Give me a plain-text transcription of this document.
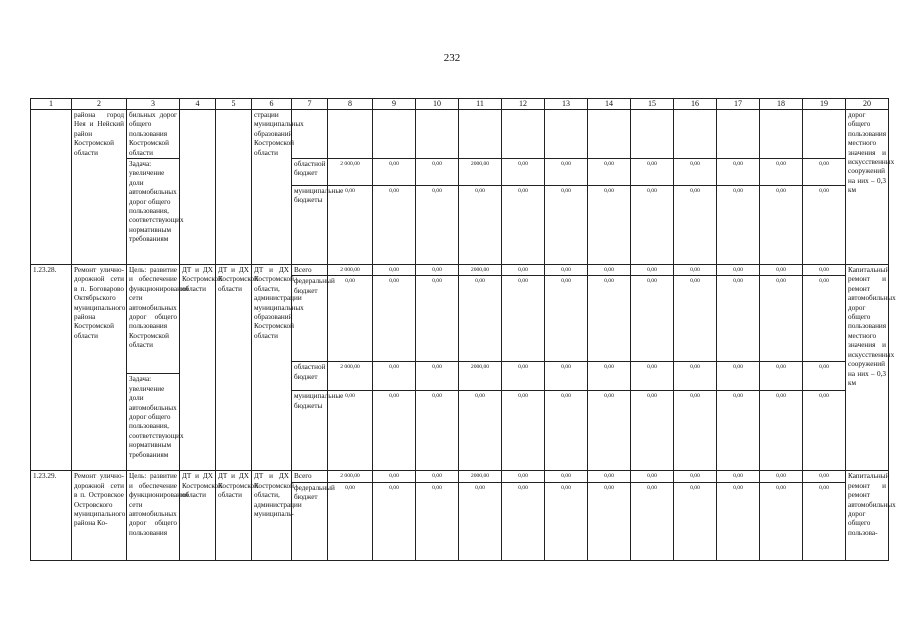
232
1	2	3	4	5	6	7	8	9	10	11	12	13	14	15	16	17	18	19	20
	района город Нея и Нейский район Костромской области	бильных дорог общего пользования Костромской области			страции муниципальных образований Костромской области														дорог общего пользования местного значения и искусственных сооружений на них – 0,3 км
		Задача: увеличение доли автомобильных дорог общего пользования, соответствующих нормативным требованиям				областной бюджет	2 000,00	0,00	0,00	2000,00	0,00	0,00	0,00	0,00	0,00	0,00	0,00	0,00	
						муниципальные бюджеты	0,00	0,00	0,00	0,00	0,00	0,00	0,00	0,00	0,00	0,00	0,00	0,00	
1.23.28.	Ремонт улично-дорожной сети в п. Боговарово Октябрьского муниципального района Костромской области	Цель: развитие и обеспечение функционирования сети автомобильных дорог общего пользования Костромской области	ДТ и ДХ Костромской области	ДТ и ДХ Костромской области	ДТ и ДХ Костромской области, администрации муниципальных образований Костромской области	Всего	2 000,00	0,00	0,00	2000,00	0,00	0,00	0,00	0,00	0,00	0,00	0,00	0,00	Капитальный ремонт и ремонт автомобильных дорог общего пользования местного значения и искусственных сооружений на них – 0,3 км
						федеральный бюджет	0,00	0,00	0,00	0,00	0,00	0,00	0,00	0,00	0,00	0,00	0,00	0,00	
						областной бюджет	2 000,00	0,00	0,00	2000,00	0,00	0,00	0,00	0,00	0,00	0,00	0,00	0,00	
		Задача: увеличение доли автомобильных дорог общего пользования, соответствующих нормативным требованиям																	
						муниципальные бюджеты	0,00	0,00	0,00	0,00	0,00	0,00	0,00	0,00	0,00	0,00	0,00	0,00	
1.23.29.	Ремонт улично-дорожной сети в п. Островское Островского муниципального района Ко-	Цель: развитие и обеспечение функционирования сети автомобильных дорог общего пользования	ДТ и ДХ Костромской области	ДТ и ДХ Костромской области	ДТ и ДХ Костромской области, администрации муниципаль-	Всего	2 000,00	0,00	0,00	2000,00	0,00	0,00	0,00	0,00	0,00	0,00	0,00	0,00	Капитальный ремонт и ремонт автомобильных дорог общего пользова-
						федеральный бюджет	0,00	0,00	0,00	0,00	0,00	0,00	0,00	0,00	0,00	0,00	0,00	0,00	
